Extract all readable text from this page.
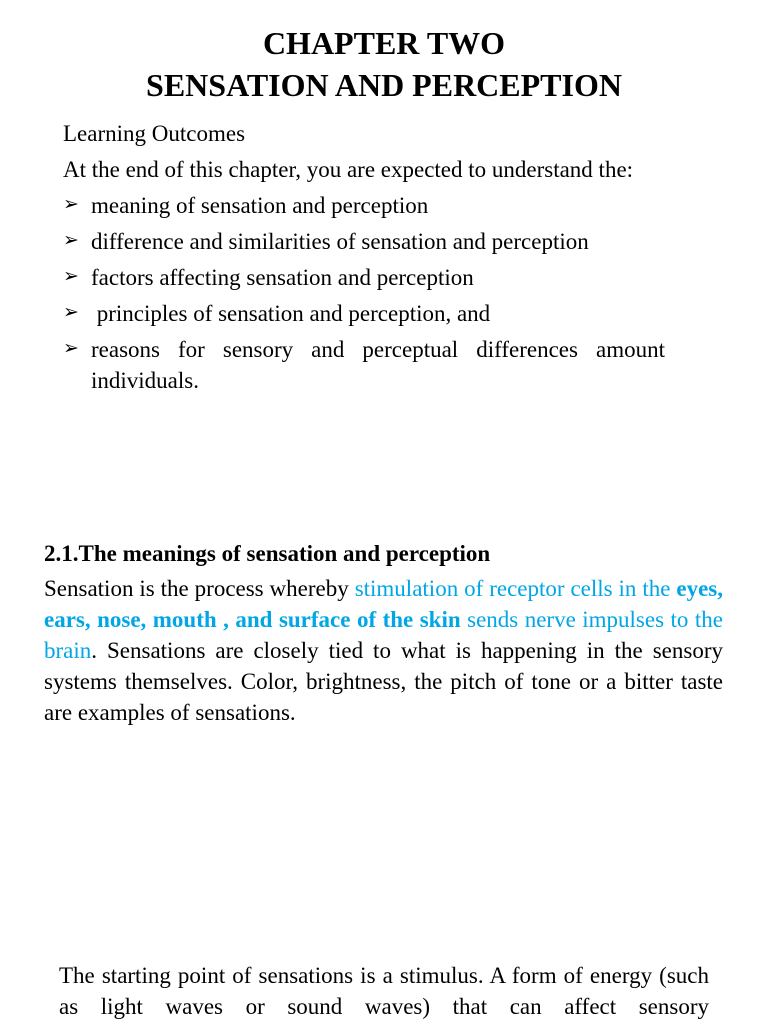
CHAPTER TWO
SENSATION AND PERCEPTION

Learning Outcomes

At the end of this chapter, you are expected to understand the:

➢ meaning of sensation and perception
➢ difference and similarities of sensation and perception
➢ factors affecting sensation and perception
➢ principles of sensation and perception, and
➢ reasons for sensory and perceptual differences amount individuals.
2.1.The meanings of sensation and perception

Sensation is the process whereby stimulation of receptor cells in the eyes, ears, nose, mouth , and surface of the skin sends nerve impulses to the brain. Sensations are closely tied to what is happening in the sensory systems themselves. Color, brightness, the pitch of tone or a bitter taste are examples of sensations.

The starting point of sensations is a stimulus. A form of energy (such as light waves or sound waves) that can affect sensory
